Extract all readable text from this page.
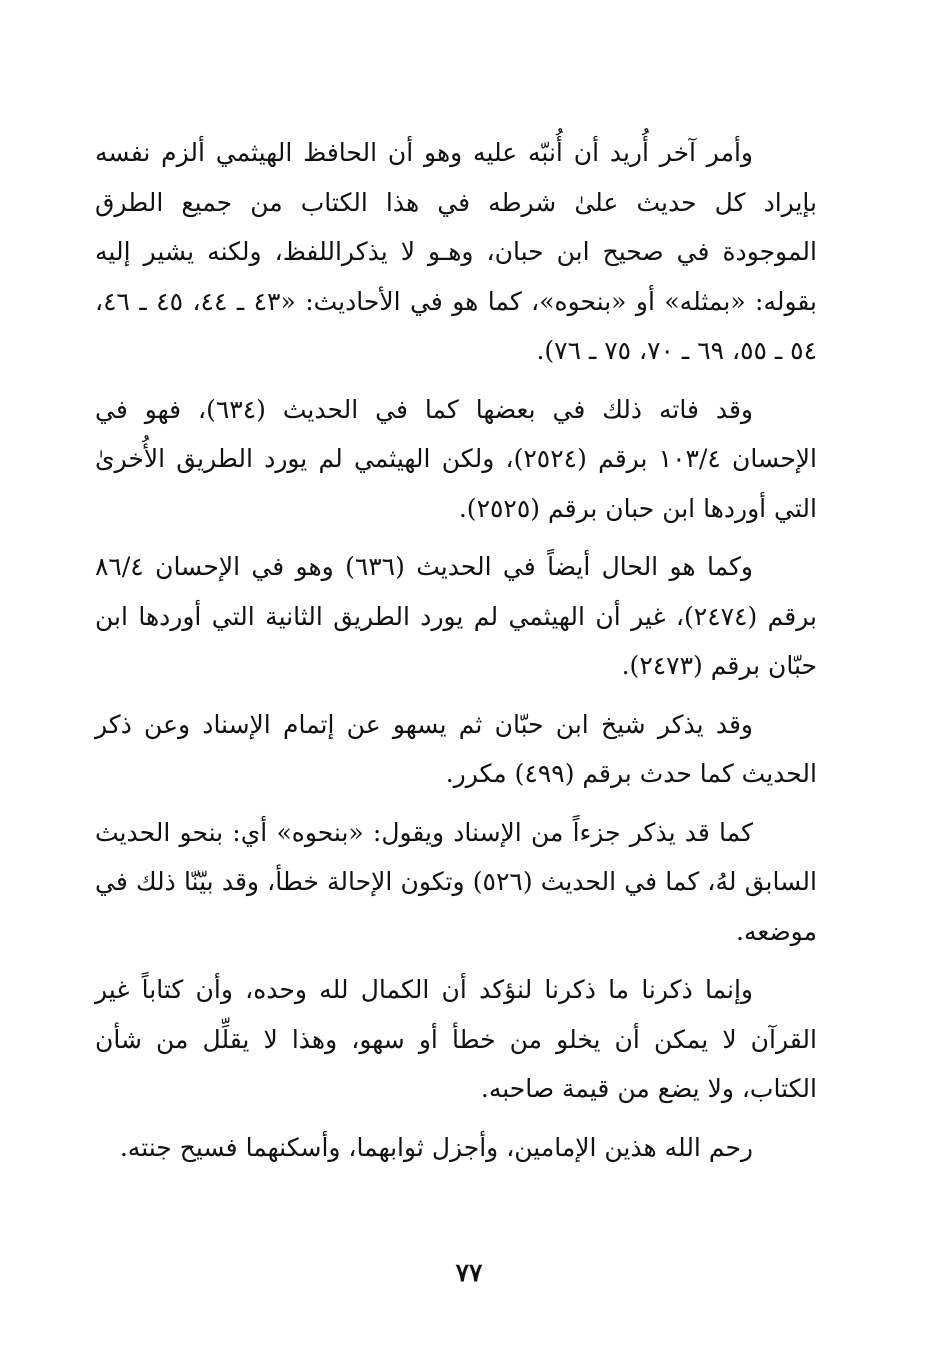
وأمر آخر أُريد أن أُنبّه عليه وهو أن الحافظ الهيثمي ألزم نفسه بإيراد كل حديث علىٰ شرطه في هذا الكتاب من جميع الطرق الموجودة في صحيح ابن حبان، وهـو لا يذكراللفظ، ولكنه يشير إليه بقوله: «بمثله» أو «بنحوه»، كما هو في الأحاديث: «٤٣ ـ ٤٤، ٤٥ ـ ٤٦، ٥٤ ـ ٥٥، ٦٩ ـ ٧٠، ٧٥ ـ ٧٦).

وقد فاته ذلك في بعضها كما في الحديث (٦٣٤)، فهو في الإحسان ١٠٣/٤ برقم (٢٥٢٤)، ولكن الهيثمي لم يورد الطريق الأُخرىٰ التي أوردها ابن حبان برقم (٢٥٢٥).

وكما هو الحال أيضاً في الحديث (٦٣٦) وهو في الإحسان ٨٦/٤ برقم (٢٤٧٤)، غير أن الهيثمي لم يورد الطريق الثانية التي أوردها ابن حبّان برقم (٢٤٧٣).

وقد يذكر شيخ ابن حبّان ثم يسهو عن إتمام الإسناد وعن ذكر الحديث كما حدث برقم (٤٩٩) مكرر.

كما قد يذكر جزءاً من الإسناد ويقول: «بنحوه» أي: بنحو الحديث السابق لهُ، كما في الحديث (٥٢٦) وتكون الإحالة خطأ، وقد بيّنّا ذلك في موضعه.

وإنما ذكرنا ما ذكرنا لنؤكد أن الكمال لله وحده، وأن كتاباً غير القرآن لا يمكن أن يخلو من خطأ أو سهو، وهذا لا يقلِّل من شأن الكتاب، ولا يضع من قيمة صاحبه.

رحم الله هذين الإمامين، وأجزل ثوابهما، وأسكنهما فسيح جنته.

٧٧
